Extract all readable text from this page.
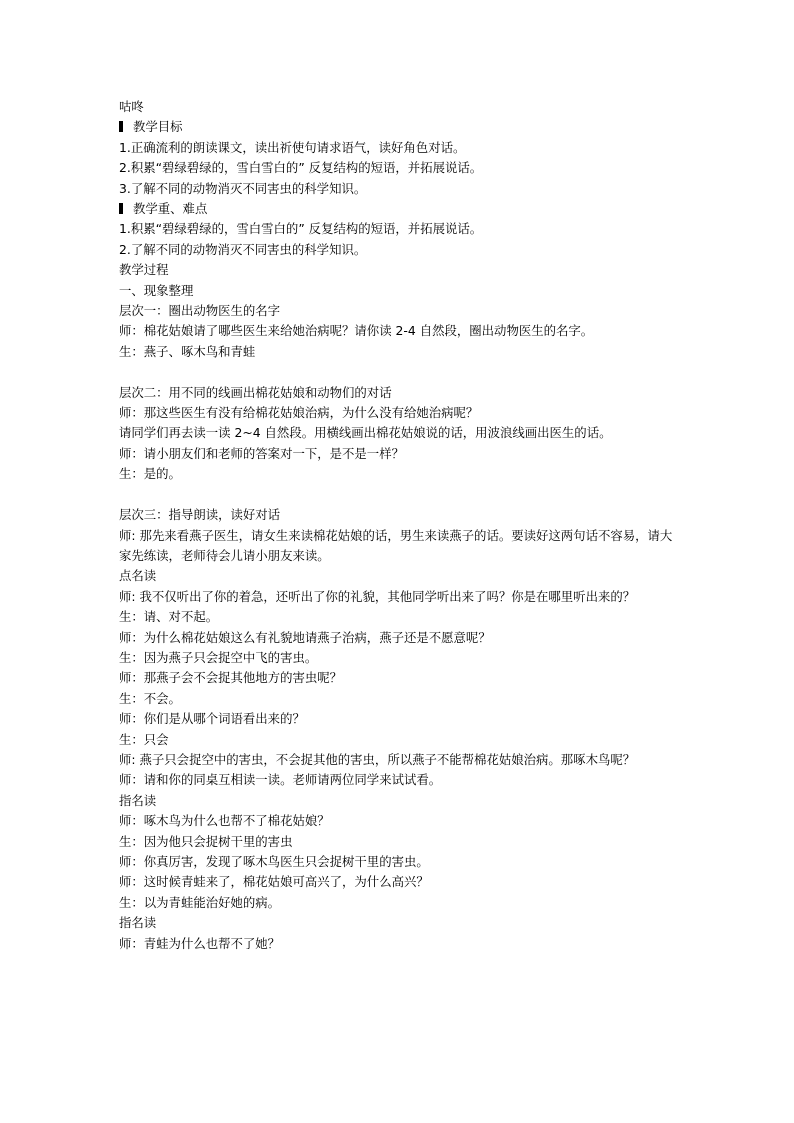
咕咚
教学目标
1.正确流利的朗读课文，读出祈使句请求语气，读好角色对话。
2.积累“碧绿碧绿的，雪白雪白的” 反复结构的短语，并拓展说话。
3.了解不同的动物消灭不同害虫的科学知识。
教学重、难点
1.积累“碧绿碧绿的，雪白雪白的” 反复结构的短语，并拓展说话。
2.了解不同的动物消灭不同害虫的科学知识。
教学过程
一、现象整理
层次一：圈出动物医生的名字
师：棉花姑娘请了哪些医生来给她治病呢？请你读 2-4 自然段，圈出动物医生的名字。
生：燕子、啄木鸟和青蛙
层次二：用不同的线画出棉花姑娘和动物们的对话
师：那这些医生有没有给棉花姑娘治病，为什么没有给她治病呢？
请同学们再去读一读 2~4 自然段。用横线画出棉花姑娘说的话，用波浪线画出医生的话。
师：请小朋友们和老师的答案对一下，是不是一样？
生：是的。
层次三：指导朗读，读好对话
师: 那先来看燕子医生，请女生来读棉花姑娘的话，男生来读燕子的话。要读好这两句话不容易，请大家先练读，老师待会儿请小朋友来读。
点名读
师: 我不仅听出了你的着急，还听出了你的礼貌，其他同学听出来了吗？你是在哪里听出来的？
生：请、对不起。
师：为什么棉花姑娘这么有礼貌地请燕子治病，燕子还是不愿意呢？
生：因为燕子只会捉空中飞的害虫。
师：那燕子会不会捉其他地方的害虫呢？
生：不会。
师：你们是从哪个词语看出来的？
生：只会
师: 燕子只会捉空中的害虫，不会捉其他的害虫，所以燕子不能帮棉花姑娘治病。那啄木鸟呢？
师：请和你的同桌互相读一读。老师请两位同学来试试看。
指名读
师：啄木鸟为什么也帮不了棉花姑娘？
生：因为他只会捉树干里的害虫
师：你真厉害，发现了啄木鸟医生只会捉树干里的害虫。
师：这时候青蛙来了，棉花姑娘可高兴了，为什么高兴？
生：以为青蛙能治好她的病。
指名读
师：青蛙为什么也帮不了她？
